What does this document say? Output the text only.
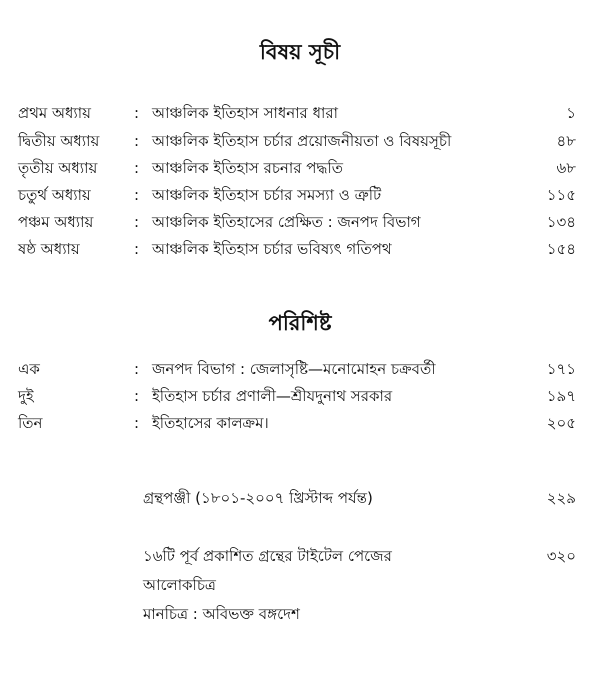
বিষয় সূচী
প্রথম অধ্যায়	: আঞ্চলিক ইতিহাস সাধনার ধারা	১
দ্বিতীয় অধ্যায় : আঞ্চলিক ইতিহাস চর্চার প্রয়োজনীয়তা ও বিষয়সূচী	৪৮
তৃতীয় অধ্যায় : আঞ্চলিক ইতিহাস রচনার পদ্ধতি	৬৮
চতুর্থ অধ্যায়	: আঞ্চলিক ইতিহাস চর্চার সমস্যা ও ত্রুটি	১১৫
পঞ্চম অধ্যায়	: আঞ্চলিক ইতিহাসের প্রেক্ষিত : জনপদ বিভাগ	১৩৪
ষষ্ঠ অধ্যায়	: আঞ্চলিক ইতিহাস চর্চার ভবিষ্যৎ গতিপথ	১৫৪
পরিশিষ্ট
এক	: জনপদ বিভাগ : জেলাসৃষ্টি—মনোমোহন চক্রবর্তী	১৭১
দুই	: ইতিহাস চর্চার প্রণালী—শ্রীযদুনাথ সরকার	১৯৭
তিন	: ইতিহাসের কালক্রম।	২০৫
গ্রন্থপঞ্জী (১৮০১-২০০৭ খ্রিস্টাব্দ পর্যন্ত)	২২৯
১৬টি পূর্ব প্রকাশিত গ্রন্থের টাইটেল পেজের	৩২০
আলোকচিত্র
মানচিত্র : অবিভক্ত বঙ্গদেশ
